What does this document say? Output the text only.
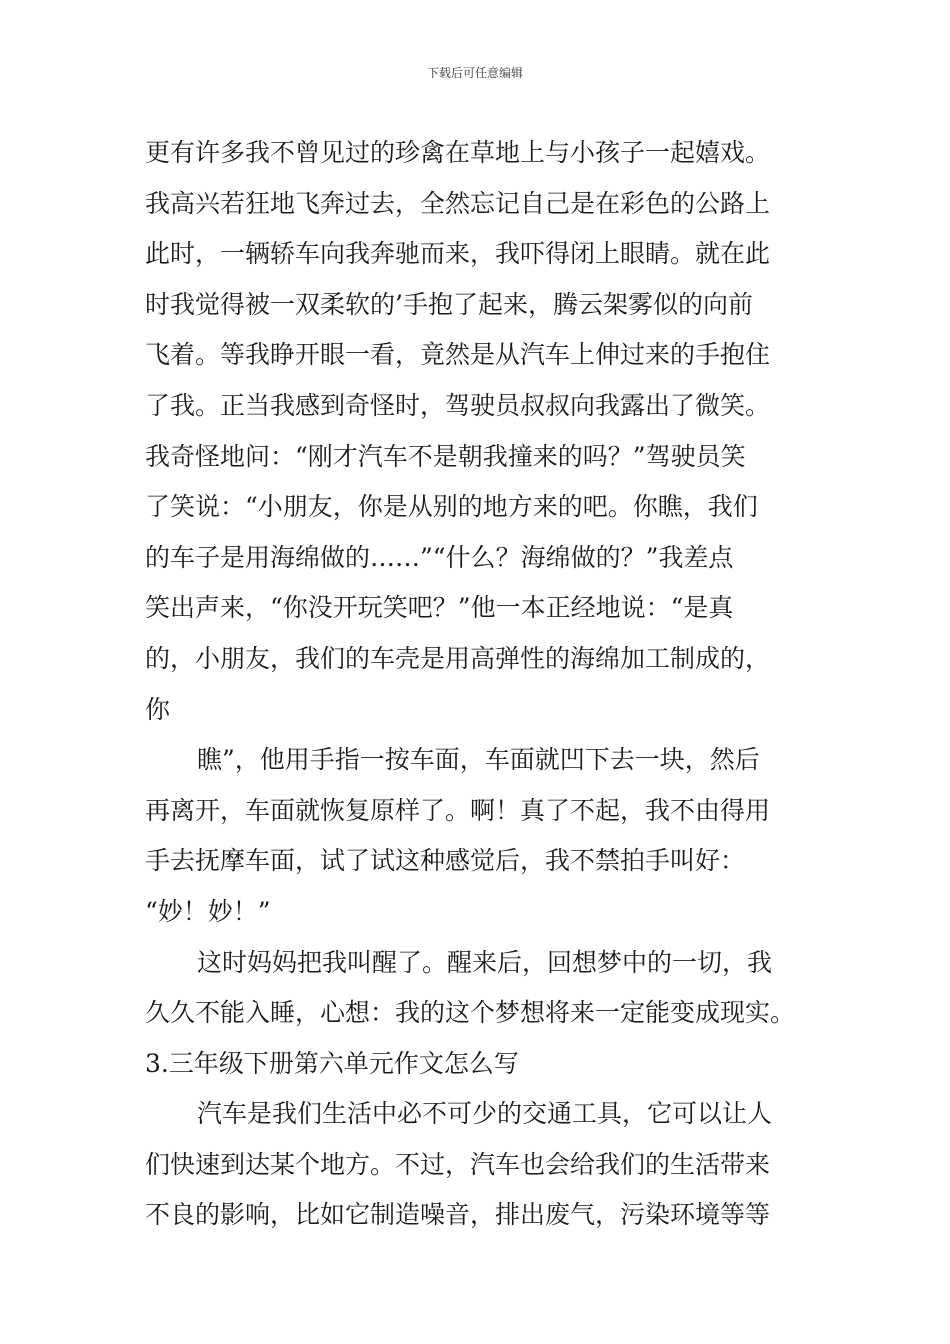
下载后可任意编辑
更有许多我不曾见过的珍禽在草地上与小孩子一起嬉戏。
我高兴若狂地飞奔过去，全然忘记自己是在彩色的公路上
此时，一辆轿车向我奔驰而来，我吓得闭上眼睛。就在此
时我觉得被一双柔软的’手抱了起来，腾云架雾似的向前
飞着。等我睁开眼一看，竟然是从汽车上伸过来的手抱住
了我。正当我感到奇怪时，驾驶员叔叔向我露出了微笑。
我奇怪地问：“刚才汽车不是朝我撞来的吗？”驾驶员笑
了笑说：“小朋友，你是从别的地方来的吧。你瞧，我们
的车子是用海绵做的……”“什么？海绵做的？”我差点
笑出声来，“你没开玩笑吧？”他一本正经地说：“是真
的，小朋友，我们的车壳是用高弹性的海绵加工制成的，
你
瞧”，他用手指一按车面，车面就凹下去一块，然后
再离开，车面就恢复原样了。啊！真了不起，我不由得用
手去抚摩车面，试了试这种感觉后，我不禁拍手叫好：
“妙！妙！”
这时妈妈把我叫醒了。醒来后，回想梦中的一切，我
久久不能入睡，心想：我的这个梦想将来一定能变成现实。
3.三年级下册第六单元作文怎么写
汽车是我们生活中必不可少的交通工具，它可以让人
们快速到达某个地方。不过，汽车也会给我们的生活带来
不良的影响，比如它制造噪音，排出废气，污染环境等等
